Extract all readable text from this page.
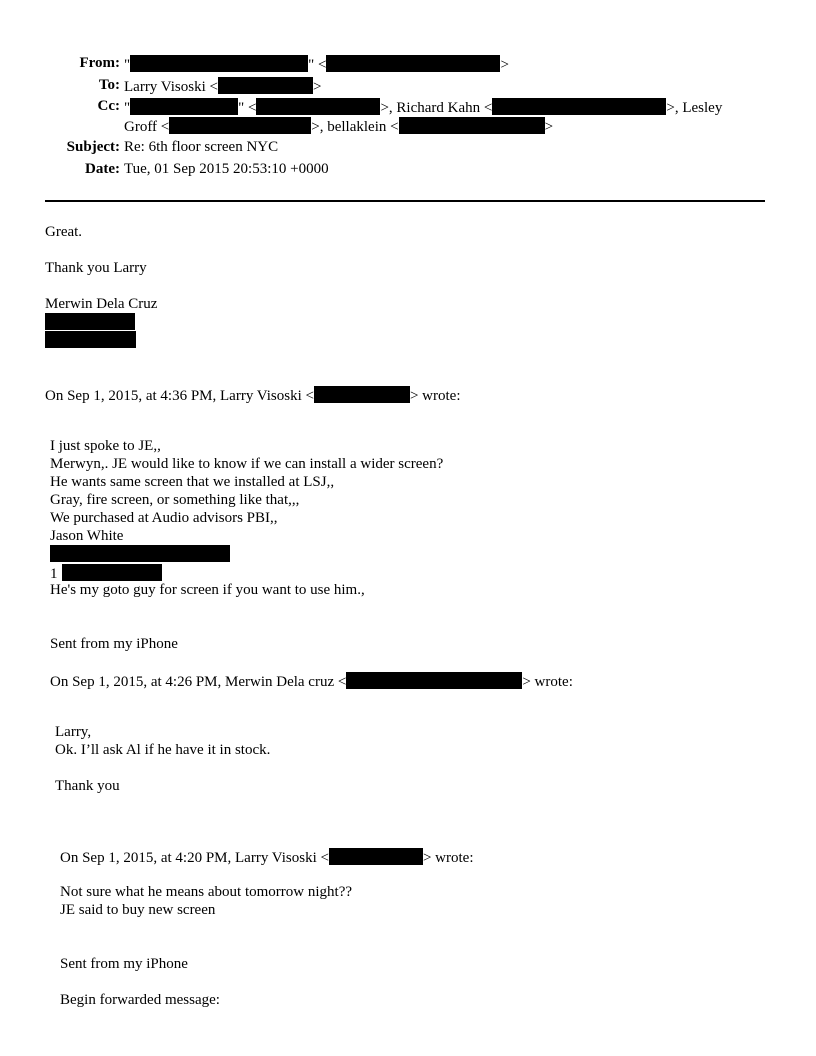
From: "	" <	>
To: Larry Visoski <	>
Cc: "	" <	>, Richard Kahn <	>, Lesley
Groff <	>, bellaklein <	>
Subject: Re: 6th floor screen NYC
Date: Tue, 01 Sep 2015 20:53:10 +0000
Great.
Thank you Larry
Merwin Dela Cruz
On Sep 1, 2015, at 4:36 PM, Larry Visoski <	> wrote:
I just spoke to JE,,
Merwyn,. JE would like to know if we can install a wider screen?
He wants same screen that we installed at LSJ,,
Gray, fire screen, or something like that,,,
We purchased at Audio advisors PBI,,
Jason White
1
He's my goto guy for screen if you want to use him.,
Sent from my iPhone
On Sep 1, 2015, at 4:26 PM, Merwin Dela cruz <	> wrote:
Larry,
Ok. I’ll ask Al if he have it in stock.
Thank you
On Sep 1, 2015, at 4:20 PM, Larry Visoski <	> wrote:
Not sure what he means about tomorrow night??
JE said to buy new screen
Sent from my iPhone
Begin forwarded message:
